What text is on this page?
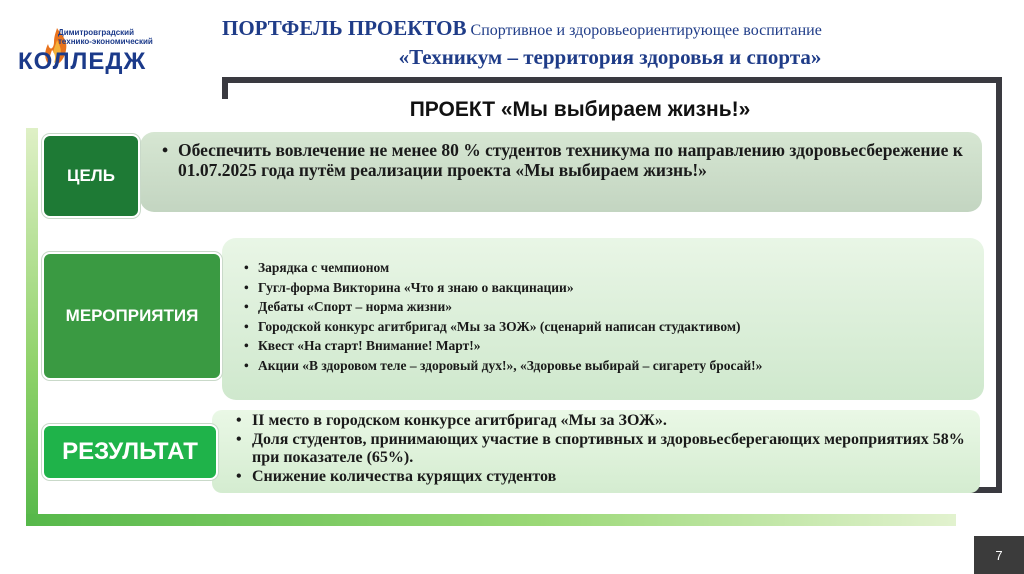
Димитровградский
технико-экономический
КОЛЛЕДЖ
ПОРТФЕЛЬ ПРОЕКТОВ Спортивное и здоровьеориентирующее воспитание
«Техникум – территория здоровья и спорта»
ПРОЕКТ «Мы выбираем жизнь!»
• Обеспечить вовлечение не менее 80 % студентов техникума по направлению здоровьесбережение к 01.07.2025 года путём реализации проекта «Мы выбираем жизнь!»
ЦЕЛЬ
• Зарядка с чемпионом
• Гугл-форма Викторина «Что я знаю о вакцинации»
• Дебаты «Спорт – норма жизни»
• Городской конкурс агитбригад «Мы за ЗОЖ» (сценарий написан студактивом)
• Квест «На старт! Внимание! Март!»
• Акции «В здоровом теле – здоровый дух!», «Здоровье выбирай – сигарету бросай!»
МЕРОПРИЯТИЯ
• II место в городском конкурсе агитбригад «Мы за ЗОЖ».
• Доля студентов, принимающих участие в спортивных и здоровьесберегающих мероприятиях 58% при показателе (65%).
• Снижение количества курящих студентов
РЕЗУЛЬТАТ
7
